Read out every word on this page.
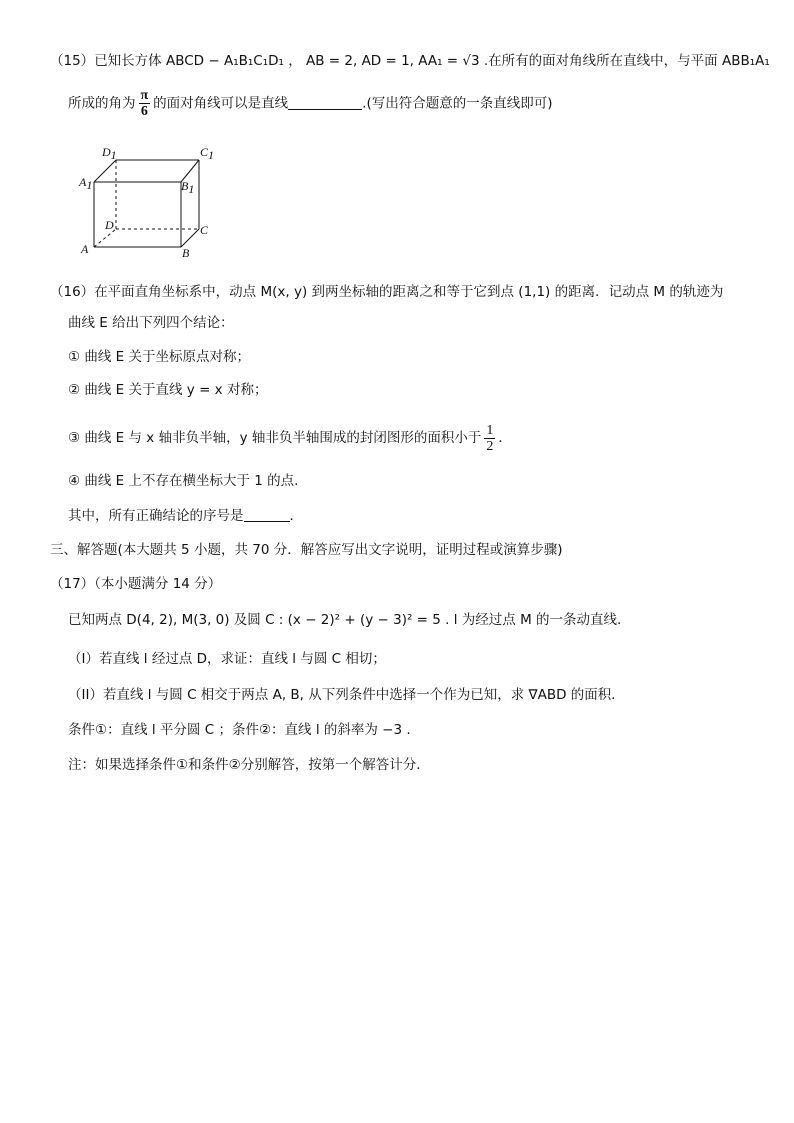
（15）已知长方体 ABCD − A₁B₁C₁D₁ ， AB = 2, AD = 1, AA₁ = √3 .在所有的面对角线所在直线中，与平面 ABB₁A₁
所成的角为 $\frac{\pi}{6}$ 的面对角线可以是直线	.(写出符合题意的一条直线即可)
D1	C1
A1	B1
D	C
A	B
（16）在平面直角坐标系中，动点 M(x, y) 到两坐标轴的距离之和等于它到点 (1,1) 的距离．记动点 M 的轨迹为
曲线 E 给出下列四个结论：
① 曲线 E 关于坐标原点对称；
② 曲线 E 关于直线 y = x 对称；
③ 曲线 E 与 x 轴非负半轴，y 轴非负半轴围成的封闭图形的面积小于 $\frac{1}{2}$ ．
④ 曲线 E 上不存在横坐标大于 1 的点.
其中，所有正确结论的序号是	．
三、解答题(本大题共 5 小题，共 70 分．解答应写出文字说明，证明过程或演算步骤)
（17）（本小题满分 14 分）
已知两点 D(4, 2), M(3, 0) 及圆 C : (x − 2)² + (y − 3)² = 5 . l 为经过点 M 的一条动直线.
（Ⅰ）若直线 l 经过点 D，求证：直线 l 与圆 C 相切；
（II）若直线 l 与圆 C 相交于两点 A, B, 从下列条件中选择一个作为已知，求 ∇ABD 的面积．
条件①：直线 l 平分圆 C ；条件②：直线 l 的斜率为 −3 .
注：如果选择条件①和条件②分别解答，按第一个解答计分．
